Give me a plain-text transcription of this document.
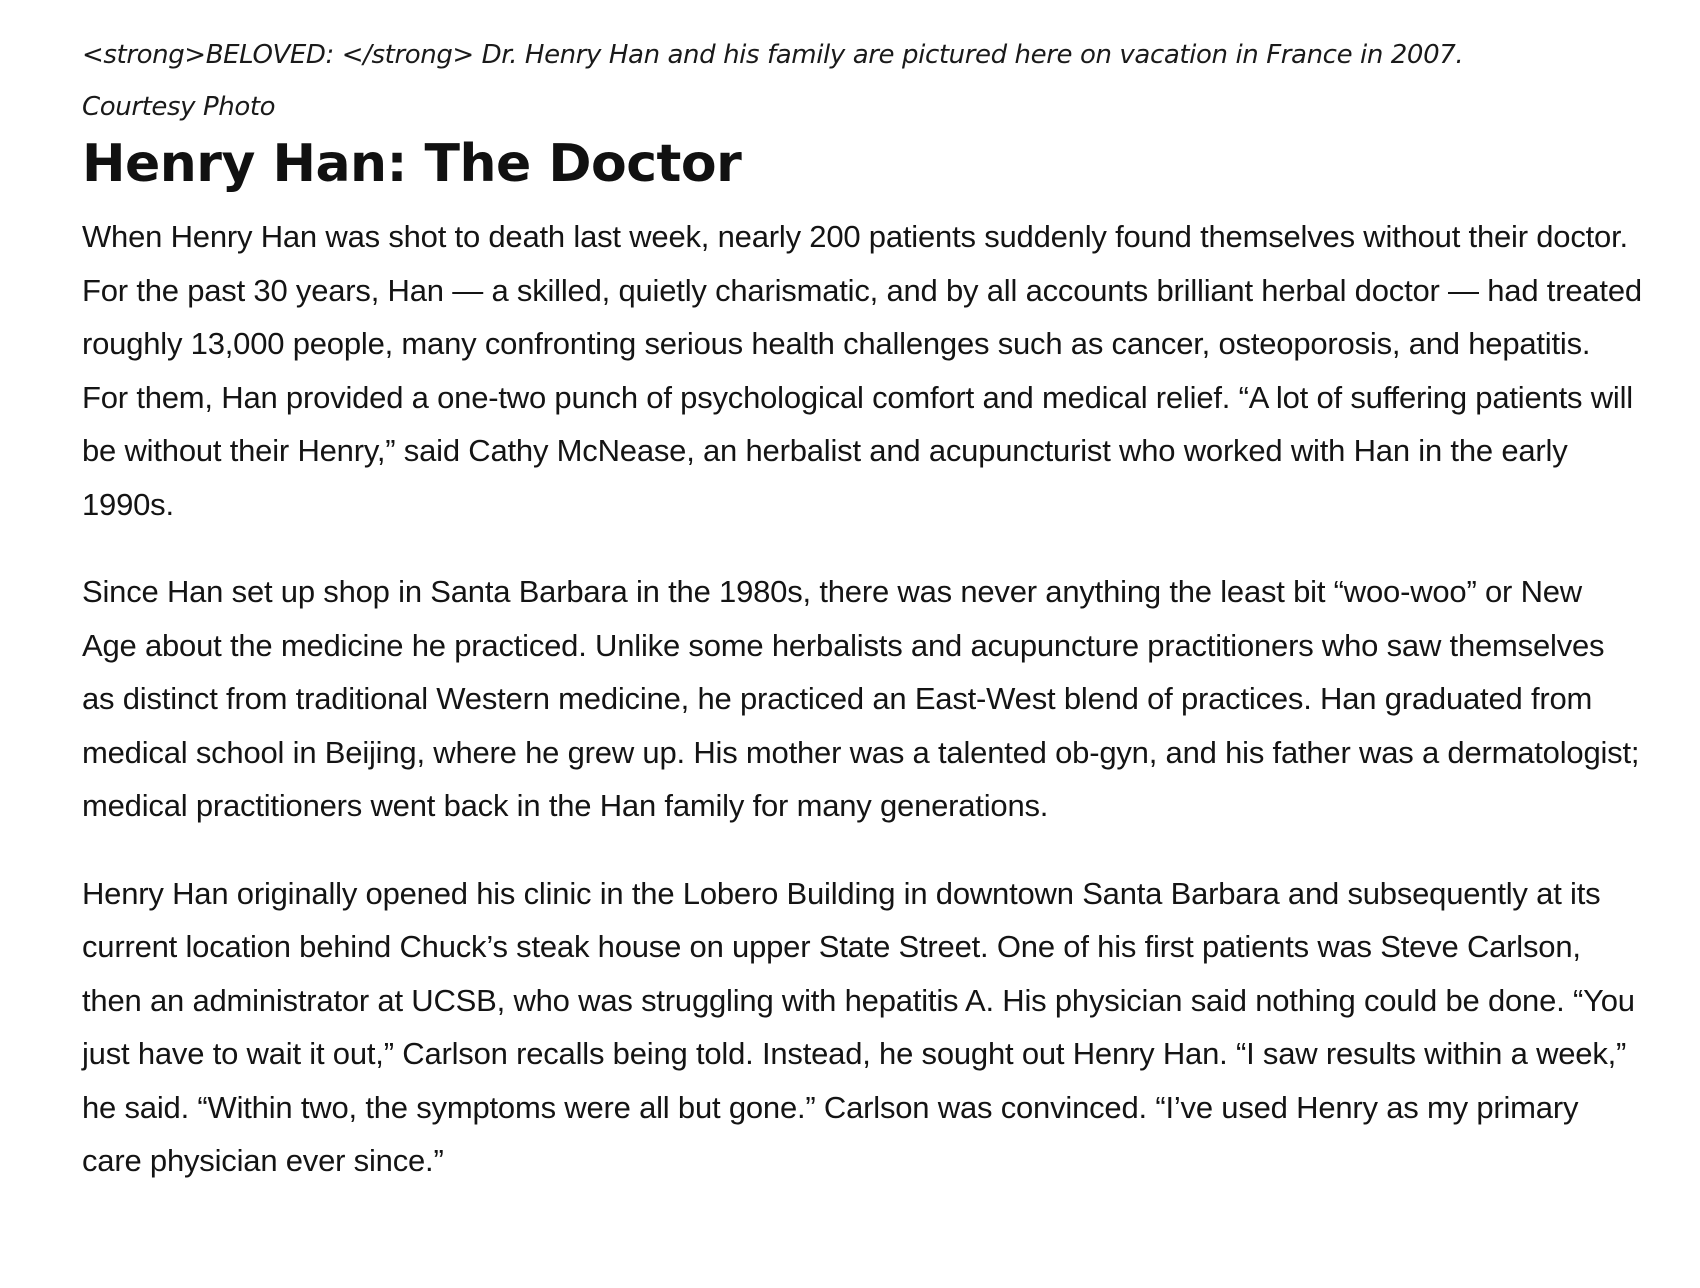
<strong>BELOVED: </strong> Dr. Henry Han and his family are pictured here on vacation in France in 2007.

Courtesy Photo

Henry Han: The Doctor

When Henry Han was shot to death last week, nearly 200 patients suddenly found themselves without their doctor. For the past 30 years, Han — a skilled, quietly charismatic, and by all accounts brilliant herbal doctor — had treated roughly 13,000 people, many confronting serious health challenges such as cancer, osteoporosis, and hepatitis. For them, Han provided a one-two punch of psychological comfort and medical relief. “A lot of suffering patients will be without their Henry,” said Cathy McNease, an herbalist and acupuncturist who worked with Han in the early 1990s.

Since Han set up shop in Santa Barbara in the 1980s, there was never anything the least bit “woo-woo” or New Age about the medicine he practiced. Unlike some herbalists and acupuncture practitioners who saw themselves as distinct from traditional Western medicine, he practiced an East-West blend of practices. Han graduated from medical school in Beijing, where he grew up. His mother was a talented ob-gyn, and his father was a dermatologist; medical practitioners went back in the Han family for many generations.

Henry Han originally opened his clinic in the Lobero Building in downtown Santa Barbara and subsequently at its current location behind Chuck’s steak house on upper State Street. One of his first patients was Steve Carlson, then an administrator at UCSB, who was struggling with hepatitis A. His physician said nothing could be done. “You just have to wait it out,” Carlson recalls being told. Instead, he sought out Henry Han. “I saw results within a week,” he said. “Within two, the symptoms were all but gone.” Carlson was convinced. “I’ve used Henry as my primary care physician ever since.”
